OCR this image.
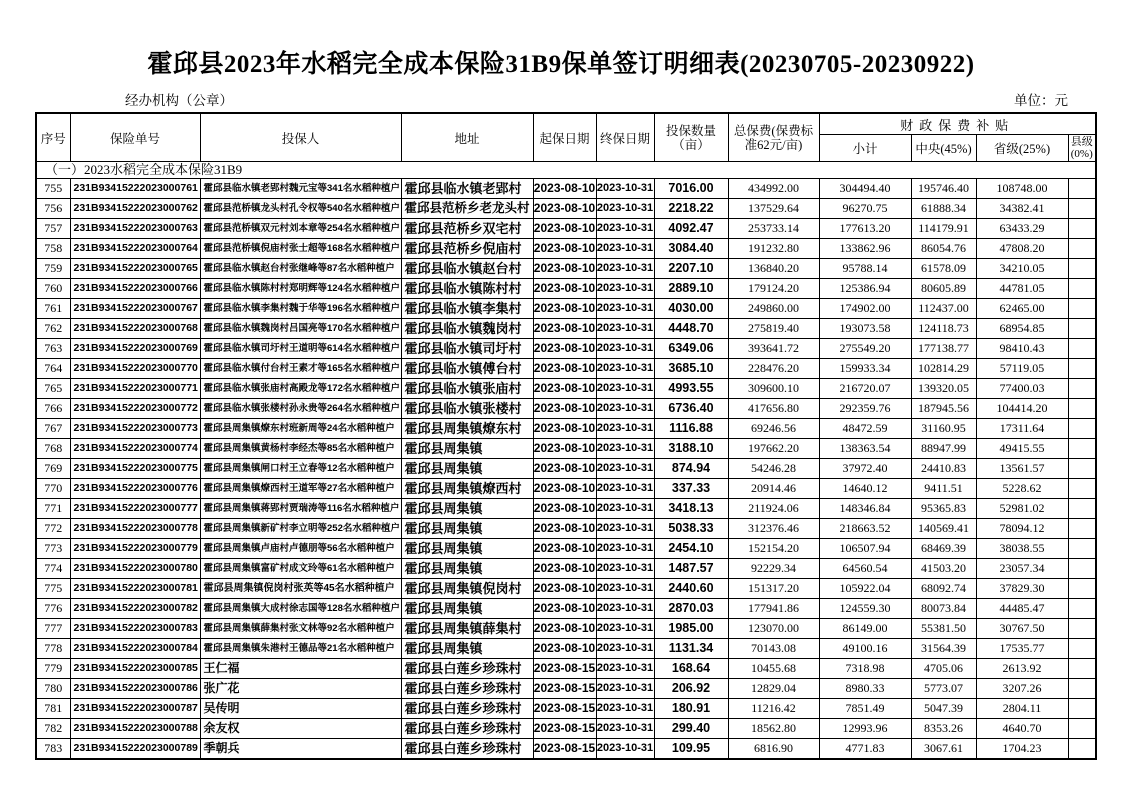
霍邱县2023年水稻完全成本保险31B9保单签订明细表(20230705-20230922)
经办机构（公章）	单位：元
序号	保险单号	投保人	地址	起保日期	终保日期	投保数量（亩）	总保费(保费标准62元/亩)	财政保费补贴			
								小计	中央(45%)	省级(25%)	县级(0%)
（一）2023水稻完全成本保险31B9											
755	231B93415222023000761	霍邱县临水镇老郢村魏元宝等341名水稻种植户	霍邱县临水镇老郢村	2023-08-10	2023-10-31	7016.00	434992.00	304494.40	195746.40	108748.00	
756	231B93415222023000762	霍邱县范桥镇龙头村孔令权等540名水稻种植户	霍邱县范桥乡老龙头村	2023-08-10	2023-10-31	2218.22	137529.64	96270.75	61888.34	34382.41	
757	231B93415222023000763	霍邱县范桥镇双元村刘本章等254名水稻种植户	霍邱县范桥乡双宅村	2023-08-10	2023-10-31	4092.47	253733.14	177613.20	114179.91	63433.29	
758	231B93415222023000764	霍邱县范桥镇倪庙村张士超等168名水稻种植户	霍邱县范桥乡倪庙村	2023-08-10	2023-10-31	3084.40	191232.80	133862.96	86054.76	47808.20	
759	231B93415222023000765	霍邱县临水镇赵台村张继峰等87名水稻种植户	霍邱县临水镇赵台村	2023-08-10	2023-10-31	2207.10	136840.20	95788.14	61578.09	34210.05	
760	231B93415222023000766	霍邱县临水镇陈村村郑明辉等124名水稻种植户	霍邱县临水镇陈村村	2023-08-10	2023-10-31	2889.10	179124.20	125386.94	80605.89	44781.05	
761	231B93415222023000767	霍邱县临水镇李集村魏于华等196名水稻种植户	霍邱县临水镇李集村	2023-08-10	2023-10-31	4030.00	249860.00	174902.00	112437.00	62465.00	
762	231B93415222023000768	霍邱县临水镇魏岗村吕国亮等170名水稻种植户	霍邱县临水镇魏岗村	2023-08-10	2023-10-31	4448.70	275819.40	193073.58	124118.73	68954.85	
763	231B93415222023000769	霍邱县临水镇司圩村王道明等614名水稻种植户	霍邱县临水镇司圩村	2023-08-10	2023-10-31	6349.06	393641.72	275549.20	177138.77	98410.43	
764	231B93415222023000770	霍邱县临水镇付台村王素才等165名水稻种植户	霍邱县临水镇傅台村	2023-08-10	2023-10-31	3685.10	228476.20	159933.34	102814.29	57119.05	
765	231B93415222023000771	霍邱县临水镇张庙村高殿龙等172名水稻种植户	霍邱县临水镇张庙村	2023-08-10	2023-10-31	4993.55	309600.10	216720.07	139320.05	77400.03	
766	231B93415222023000772	霍邱县临水镇张楼村孙永贵等264名水稻种植户	霍邱县临水镇张楼村	2023-08-10	2023-10-31	6736.40	417656.80	292359.76	187945.56	104414.20	
767	231B93415222023000773	霍邱县周集镇燎东村班新周等24名水稻种植户	霍邱县周集镇燎东村	2023-08-10	2023-10-31	1116.88	69246.56	48472.59	31160.95	17311.64	
768	231B93415222023000774	霍邱县周集镇黄杨村李经杰等85名水稻种植户	霍邱县周集镇	2023-08-10	2023-10-31	3188.10	197662.20	138363.54	88947.99	49415.55	
769	231B93415222023000775	霍邱县周集镇闸口村王立春等12名水稻种植户	霍邱县周集镇	2023-08-10	2023-10-31	874.94	54246.28	37972.40	24410.83	13561.57	
770	231B93415222023000776	霍邱县周集镇燎西村王道军等27名水稻种植户	霍邱县周集镇燎西村	2023-08-10	2023-10-31	337.33	20914.46	14640.12	9411.51	5228.62	
771	231B93415222023000777	霍邱县周集镇蒋郢村贾瑞涛等116名水稻种植户	霍邱县周集镇	2023-08-10	2023-10-31	3418.13	211924.06	148346.84	95365.83	52981.02	
772	231B93415222023000778	霍邱县周集镇新矿村李立明等252名水稻种植户	霍邱县周集镇	2023-08-10	2023-10-31	5038.33	312376.46	218663.52	140569.41	78094.12	
773	231B93415222023000779	霍邱县周集镇卢庙村卢德朋等56名水稻种植户	霍邱县周集镇	2023-08-10	2023-10-31	2454.10	152154.20	106507.94	68469.39	38038.55	
774	231B93415222023000780	霍邱县周集镇富矿村成文玲等61名水稻种植户	霍邱县周集镇	2023-08-10	2023-10-31	1487.57	92229.34	64560.54	41503.20	23057.34	
775	231B93415222023000781	霍邱县周集镇倪岗村张英等45名水稻种植户	霍邱县周集镇倪岗村	2023-08-10	2023-10-31	2440.60	151317.20	105922.04	68092.74	37829.30	
776	231B93415222023000782	霍邱县周集镇大成村徐志国等128名水稻种植户	霍邱县周集镇	2023-08-10	2023-10-31	2870.03	177941.86	124559.30	80073.84	44485.47	
777	231B93415222023000783	霍邱县周集镇薛集村张文林等92名水稻种植户	霍邱县周集镇薛集村	2023-08-10	2023-10-31	1985.00	123070.00	86149.00	55381.50	30767.50	
778	231B93415222023000784	霍邱县周集镇朱港村王德品等21名水稻种植户	霍邱县周集镇	2023-08-10	2023-10-31	1131.34	70143.08	49100.16	31564.39	17535.77	
779	231B93415222023000785	王仁福	霍邱县白莲乡珍珠村	2023-08-15	2023-10-31	168.64	10455.68	7318.98	4705.06	2613.92	
780	231B93415222023000786	张广花	霍邱县白莲乡珍珠村	2023-08-15	2023-10-31	206.92	12829.04	8980.33	5773.07	3207.26	
781	231B93415222023000787	吴传明	霍邱县白莲乡珍珠村	2023-08-15	2023-10-31	180.91	11216.42	7851.49	5047.39	2804.11	
782	231B93415222023000788	余友权	霍邱县白莲乡珍珠村	2023-08-15	2023-10-31	299.40	18562.80	12993.96	8353.26	4640.70	
783	231B93415222023000789	季朝兵	霍邱县白莲乡珍珠村	2023-08-15	2023-10-31	109.95	6816.90	4771.83	3067.61	1704.23	
